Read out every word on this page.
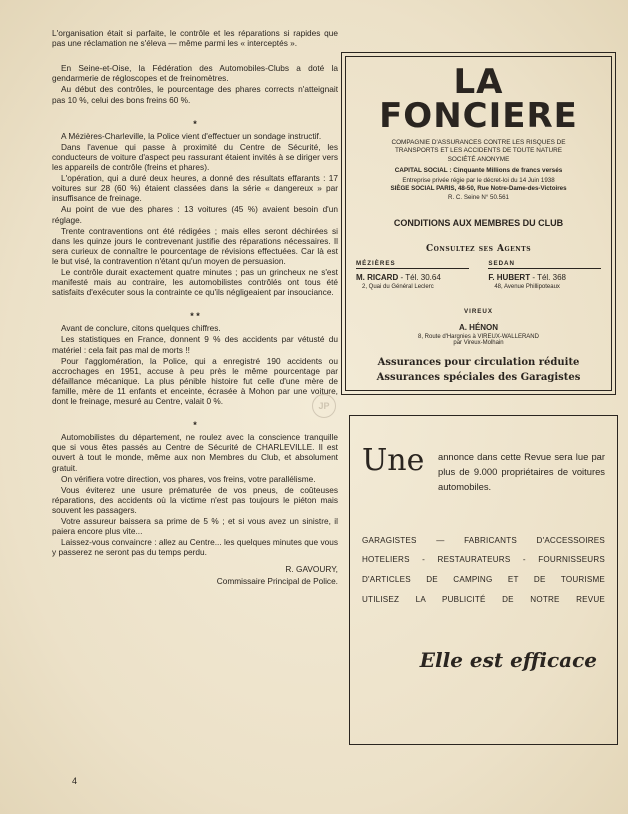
L'organisation était si parfaite, le contrôle et les réparations si rapides que pas une réclamation ne s'éleva — même parmi les « interceptés ».

En Seine-et-Oise, la Fédération des Automobiles-Clubs a doté la gendarmerie de régloscopes et de freinomètres.

Au début des contrôles, le pourcentage des phares corrects n'atteignait pas 10 %, celui des bons freins 60 %.

*

A Mézières-Charleville, la Police vient d'effectuer un sondage instructif.

Dans l'avenue qui passe à proximité du Centre de Sécurité, les conducteurs de voiture d'aspect peu rassurant étaient invités à se diriger vers les appareils de contrôle (freins et phares).

L'opération, qui a duré deux heures, a donné des résultats effarants : 17 voitures sur 28 (60 %) étaient classées dans la série « dangereux » par insuffisance de freinage.

Au point de vue des phares : 13 voitures (45 %) avaient besoin d'un réglage.

Trente contraventions ont été rédigées ; mais elles seront déchirées si dans les quinze jours le contrevenant justifie des réparations nécessaires. Il sera curieux de connaître le pourcentage de révisions effectuées. Car là est le but visé, la contravention n'étant qu'un moyen de persuasion.

Le contrôle durait exactement quatre minutes ; pas un grincheux ne s'est manifesté mais au contraire, les automobilistes contrôlés ont tous été satisfaits d'exécuter sous la contrainte ce qu'ils négligeaient par insouciance.

* *

Avant de conclure, citons quelques chiffres.

Les statistiques en France, donnent 9 % des accidents par vétusté du matériel : cela fait pas mal de morts !!

Pour l'agglomération, la Police, qui a enregistré 190 accidents ou accrochages en 1951, accuse à peu près le même pourcentage par défaillance mécanique. La plus pénible histoire fut celle d'une mère de famille, mère de 11 enfants et enceinte, écrasée à Mohon par une voiture, dont le freinage, mesuré au Centre, valait 0 %.

*

Automobilistes du département, ne roulez avec la conscience tranquille que si vous êtes passés au Centre de Sécurité de CHARLEVILLE. Il est ouvert à tout le monde, même aux non Membres du Club, et absolument gratuit.

On vérifiera votre direction, vos phares, vos freins, votre parallélisme.

Vous éviterez une usure prématurée de vos pneus, de coûteuses réparations, des accidents où la victime n'est pas toujours le piéton mais souvent les passagers.

Votre assureur baissera sa prime de 5 % ; et si vous avez un sinistre, il paiera encore plus vite...

Laissez-vous convaincre : allez au Centre... les quelques minutes que vous y passerez ne seront pas du temps perdu.

R. GAVOURY,

Commissaire Principal de Police.

4
JP
LA FONCIERE
COMPAGNIE D'ASSURANCES CONTRE LES RISQUES DE
TRANSPORTS ET LES ACCIDENTS DE TOUTE NATURE
SOCIÉTÉ ANONYME
CAPITAL SOCIAL : Cinquante Millions de francs versés
Entreprise privée régie par le décret-loi du 14 Juin 1938
SIÈGE SOCIAL PARIS, 48-50, Rue Notre-Dame-des-Victoires
R. C. Seine N° 50.561
CONDITIONS AUX MEMBRES DU CLUB
Consultez ses Agents
MÉZIÈRES
M. RICARD - Tél. 30.64
2, Quai du Général Leclerc
SEDAN
F. HUBERT - Tél. 368
48, Avenue Phillipoteaux
VIREUX
A. HÉNON
8, Route d'Hargnies à VIREUX-WALLERAND
par Vireux-Molhain
Assurances pour circulation réduite
Assurances spéciales des Garagistes
Une	annonce dans cette Revue sera lue par plus de 9.000 propriétaires de voitures automobiles.
GARAGISTES — FABRICANTS D'ACCESSOIRES
HOTELIERS - RESTAURATEURS - FOURNISSEURS
D'ARTICLES DE CAMPING ET DE TOURISME
UTILISEZ LA PUBLICITÉ DE NOTRE REVUE
Elle est efficace
